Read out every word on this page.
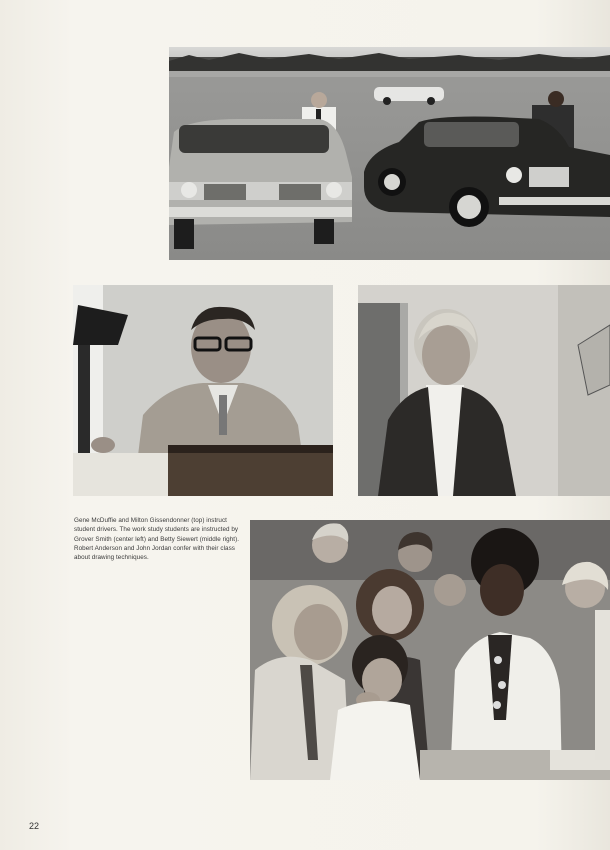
Gene McDuffie and Milton Gissendonner (top) instruct student drivers. The work study students are instructed by Grover Smith (center left) and Betty Siewert (middle right). Robert Anderson and John Jordan confer with their class about drawing techniques.
22
